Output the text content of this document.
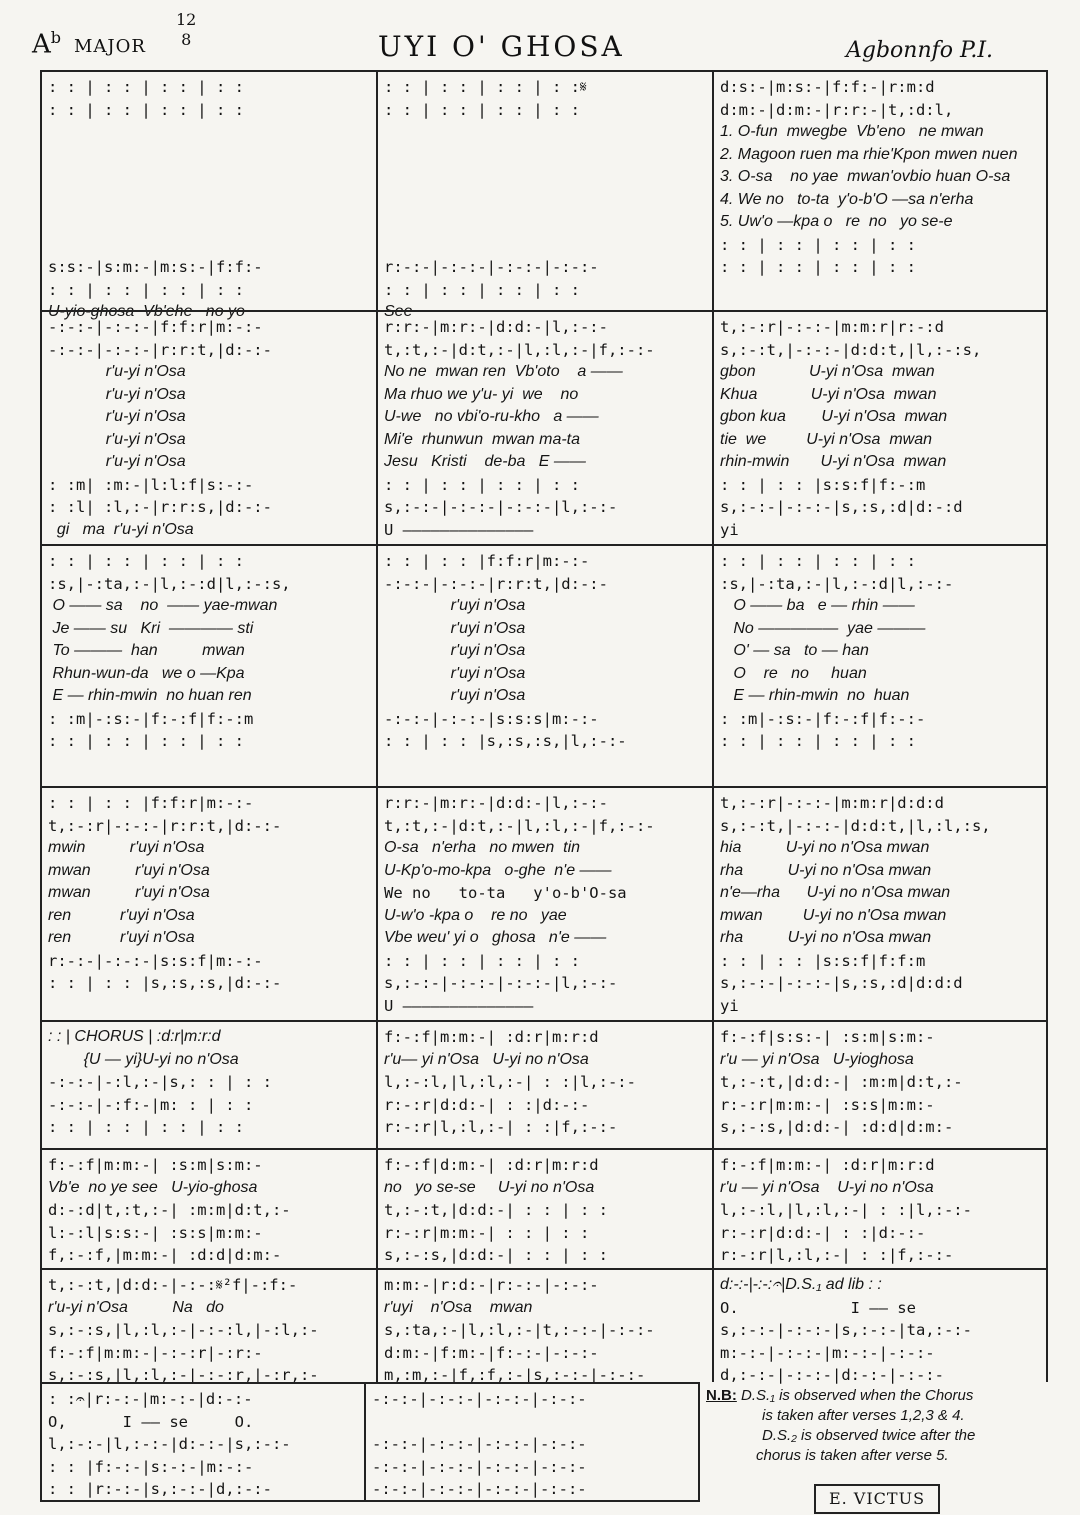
$A^b$ MAJOR
12
8	UYI O' GHOSA	Agbonnfo P.I.
: : | : : | : : | : :
: : | : : | : : | : :
s:s:-|s:m:-|m:s:-|f:f:-
: : | : : | : : | : :
U-yio-ghosa  Vb'ehe   no yo
: : | : : | : : | : :𝄋
: : | : : | : : | : :
r:-:-|-:-:-|-:-:-|-:-:-
: : | : : | : : | : :
See
d:s:-|m:s:-|f:f:-|r:m:d
d:m:-|d:m:-|r:r:-|t,:d:l,
1. O-fun  mwegbe  Vb'eno   ne mwan
2. Magoon ruen ma rhie'Kpon mwen nuen
3. O-sa    no yae  mwan'ovbio huan O-sa
4. We no   to-ta  y'o-b'O —sa n'erha
5. Uw'o —kpa o   re  no   yo se-e
: : | : : | : : | : :
: : | : : | : : | : :
-:-:-|-:-:-|f:f:r|m:-:-
-:-:-|-:-:-|r:r:t,|d:-:-
r'u-yi n'Osa
r'u-yi n'Osa
r'u-yi n'Osa
r'u-yi n'Osa
r'u-yi n'Osa
: :m| :m:-|l:l:f|s:-:-
: :l| :l,:-|r:r:s,|d:-:-
gi   ma  r'u-yi n'Osa
r:r:-|m:r:-|d:d:-|l,:-:-
t,:t,:-|d:t,:-|l,:l,:-|f,:-:-
No ne  mwan ren  Vb'oto    a ——
Ma rhuo we y'u- yi  we    no
U-we   no vbi'o-ru-kho   a ——
Mi'e  rhunwun  mwan ma-ta
Jesu   Kristi    de-ba   E ——
: : | : : | : : | : :
s,:-:-|-:-:-|-:-:-|l,:-:-
U ——————————————
t,:-:r|-:-:-|m:m:r|r:-:d
s,:-:t,|-:-:-|d:d:t,|l,:-:s,
gbon            U-yi n'Osa  mwan
Khua            U-yi n'Osa  mwan
gbon kua        U-yi n'Osa  mwan
tie  we         U-yi n'Osa  mwan
rhin-mwin       U-yi n'Osa  mwan
: : | : : |s:s:f|f:-:m
s,:-:-|-:-:-|s,:s,:d|d:-:d
yi
: : | : : | : : | : :
:s,|-:ta,:-|l,:-:d|l,:-:s,
O —— sa    no  —— yae-mwan
Je —— su   Kri  ———— sti
To ———  han          mwan
Rhun-wun-da   we o —Kpa
E — rhin-mwin  no huan ren
: :m|-:s:-|f:-:f|f:-:m
: : | : : | : : | : :
: : | : : |f:f:r|m:-:-
-:-:-|-:-:-|r:r:t,|d:-:-
r'uyi n'Osa
r'uyi n'Osa
r'uyi n'Osa
r'uyi n'Osa
r'uyi n'Osa
-:-:-|-:-:-|s:s:s|m:-:-
: : | : : |s,:s,:s,|l,:-:-
: : | : : | : : | : :
:s,|-:ta,:-|l,:-:d|l,:-:-
O —— ba   e — rhin ——
No —————  yae ———
O' — sa   to — han
O    re   no     huan
E — rhin-mwin  no  huan
: :m|-:s:-|f:-:f|f:-:-
: : | : : | : : | : :
: : | : : |f:f:r|m:-:-
t,:-:r|-:-:-|r:r:t,|d:-:-
mwin          r'uyi n'Osa
mwan          r'uyi n'Osa
mwan          r'uyi n'Osa
ren           r'uyi n'Osa
ren           r'uyi n'Osa
r:-:-|-:-:-|s:s:f|m:-:-
: : | : : |s,:s,:s,|d:-:-
r:r:-|m:r:-|d:d:-|l,:-:-
t,:t,:-|d:t,:-|l,:l,:-|f,:-:-
O-sa   n'erha   no mwen  tin
U-Kp'o-mo-kpa   o-ghe  n'e ——
We no   to-ta   y'o-b'O-sa
U-w'o -kpa o    re no   yae
Vbe weu' yi o   ghosa   n'e ——
: : | : : | : : | : :
s,:-:-|-:-:-|-:-:-|l,:-:-
U ——————————————
t,:-:r|-:-:-|m:m:r|d:d:d
s,:-:t,|-:-:-|d:d:t,|l,:l,:s,
hia          U-yi no n'Osa mwan
rha          U-yi no n'Osa mwan
n'e—rha      U-yi no n'Osa mwan
mwan         U-yi no n'Osa mwan
rha          U-yi no n'Osa mwan
: : | : : |s:s:f|f:f:m
s,:-:-|-:-:-|s,:s,:d|d:d:d
yi
: : | CHORUS | :d:r|m:r:d
{U — yi}U-yi no n'Osa
-:-:-|-:l,:-|s,: : | : :
-:-:-|-:f:-|m: : | : :
: : | : : | : : | : :
f:-:f|m:m:-| :d:r|m:r:d
r'u— yi n'Osa   U-yi no n'Osa
l,:-:l,|l,:l,:-| : :|l,:-:-
r:-:r|d:d:-| : :|d:-:-
r:-:r|l,:l,:-| : :|f,:-:-
f:-:f|s:s:-| :s:m|s:m:-
r'u — yi n'Osa   U-yioghosa
t,:-:t,|d:d:-| :m:m|d:t,:-
r:-:r|m:m:-| :s:s|m:m:-
s,:-:s,|d:d:-| :d:d|d:m:-
f:-:f|m:m:-| :s:m|s:m:-
Vb'e  no ye see   U-yio-ghosa
d:-:d|t,:t,:-| :m:m|d:t,:-
l:-:l|s:s:-| :s:s|m:m:-
f,:-:f,|m:m:-| :d:d|d:m:-
f:-:f|d:m:-| :d:r|m:r:d
no   yo se-se     U-yi no n'Osa
t,:-:t,|d:d:-| : : | : :
r:-:r|m:m:-| : : | : :
s,:-:s,|d:d:-| : : | : :
f:-:f|m:m:-| :d:r|m:r:d
r'u — yi n'Osa    U-yi no n'Osa
l,:-:l,|l,:l,:-| : :|l,:-:-
r:-:r|d:d:-| : :|d:-:-
r:-:r|l,:l,:-| : :|f,:-:-
t,:-:t,|d:d:-|-:-:𝄋²f|-:f:-
r'u-yi n'Osa          Na   do
s,:-:s,|l,:l,:-|-:-:l,|-:l,:-
f:-:f|m:m:-|-:-:r|-:r:-
s,:-:s,|l,:l,:-|-:-:r,|-:r,:-
m:m:-|r:d:-|r:-:-|-:-:-
r'uyi    n'Osa    mwan
s,:ta,:-|l,:l,:-|t,:-:-|-:-:-
d:m:-|f:m:-|f:-:-|-:-:-
m,:m,:-|f,:f,:-|s,:-:-|-:-:-
d:-:-|-:-:𝄐|D.S.₁ ad lib : :
O.            I —— se
s,:-:-|-:-:-|s,:-:-|ta,:-:-
m:-:-|-:-:-|m:-:-|-:-:-
d,:-:-|-:-:-|d:-:-|-:-:-
: :𝄐|r:-:-|m:-:-|d:-:-
O,      I —— se     O.
l,:-:-|l,:-:-|d:-:-|s,:-:-
: : |f:-:-|s:-:-|m:-:-
: : |r:-:-|s,:-:-|d,:-:-
-:-:-|-:-:-|-:-:-|-:-:-
-:-:-|-:-:-|-:-:-|-:-:-
-:-:-|-:-:-|-:-:-|-:-:-
-:-:-|-:-:-|-:-:-|-:-:-
N.B: D.S.₁ is observed when the Chorus
is taken after verses 1,2,3 & 4.
D.S.₂ is observed twice after the
chorus is taken after verse 5.
E. VICTUS
